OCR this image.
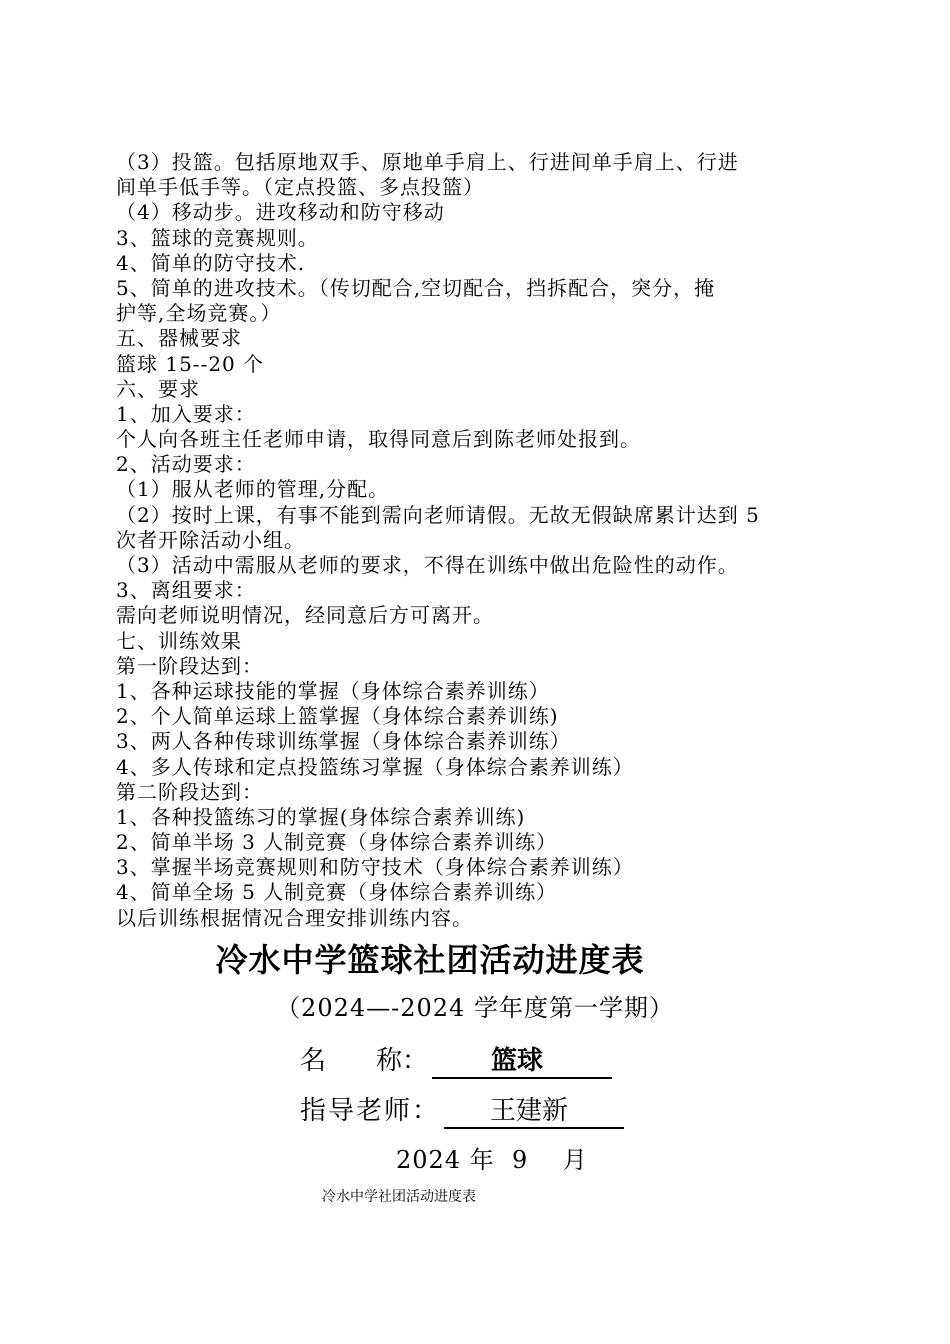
（3）投篮。包括原地双手、原地单手肩上、行进间单手肩上、行进
间单手低手等。（定点投篮、多点投篮）
（4）移动步。进攻移动和防守移动
3、篮球的竞赛规则。
4、简单的防守技术.
5、简单的进攻技术。（传切配合,空切配合，挡拆配合，突分，掩
护等,全场竞赛。）
五、器械要求
篮球 15--20 个
六、要求
1、加入要求：
个人向各班主任老师申请，取得同意后到陈老师处报到。
2、活动要求：
（1）服从老师的管理,分配。
（2）按时上课，有事不能到需向老师请假。无故无假缺席累计达到 5
次者开除活动小组。
（3）活动中需服从老师的要求，不得在训练中做出危险性的动作。
3、离组要求：
需向老师说明情况，经同意后方可离开。
七、训练效果
第一阶段达到：
1、各种运球技能的掌握（身体综合素养训练）
2、个人简单运球上篮掌握（身体综合素养训练)
3、两人各种传球训练掌握（身体综合素养训练）
4、多人传球和定点投篮练习掌握（身体综合素养训练）
第二阶段达到：
1、各种投篮练习的掌握(身体综合素养训练)
2、简单半场 3 人制竞赛（身体综合素养训练）
3、掌握半场竞赛规则和防守技术（身体综合素养训练）
4、简单全场 5 人制竞赛（身体综合素养训练）
以后训练根据情况合理安排训练内容。
冷水中学篮球社团活动进度表
（2024—-2024 学年度第一学期）
名 称：	篮球
指导老师：	王建新
2024 年  9    月
冷水中学社团活动进度表
